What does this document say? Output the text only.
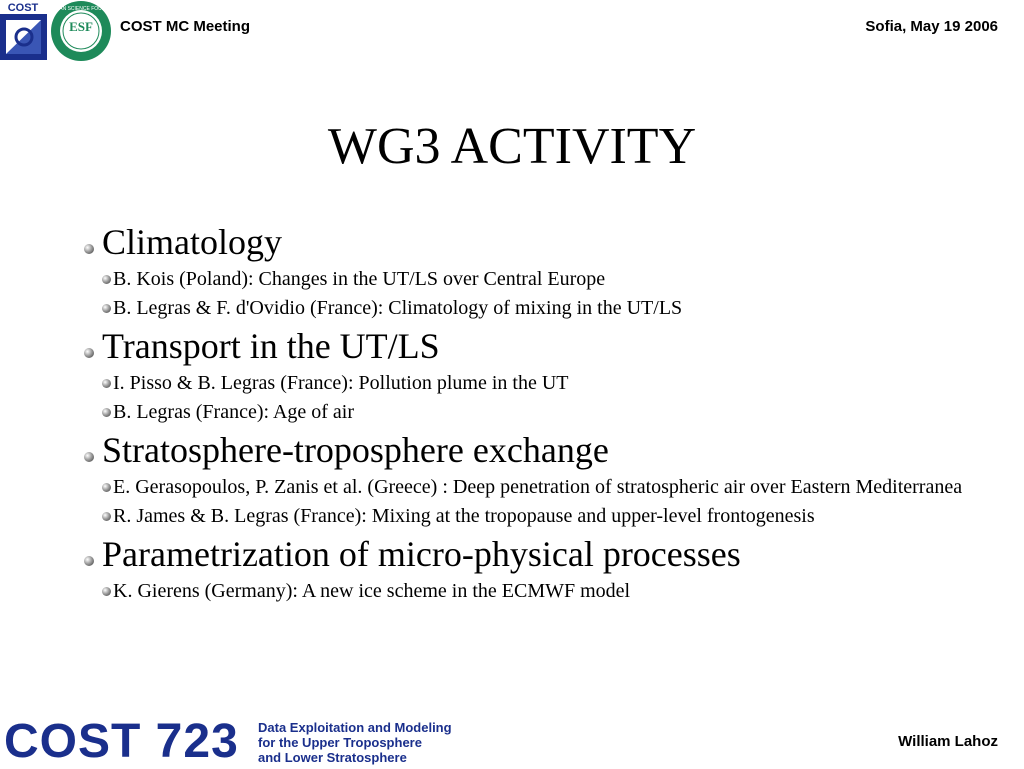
COST
ESF
EUROPEAN SCIENCE FOUNDATION
COST MC Meeting	Sofia, May 19 2006
WG3 ACTIVITY
Climatology
B. Kois (Poland): Changes in the UT/LS over Central Europe
B. Legras & F. d'Ovidio (France): Climatology of mixing in the UT/LS
Transport in the UT/LS
I. Pisso & B. Legras (France): Pollution plume in the UT
B. Legras (France): Age of air
Stratosphere-troposphere exchange
E. Gerasopoulos, P. Zanis et al. (Greece) : Deep penetration of stratospheric air over Eastern Mediterranea
R. James & B. Legras (France): Mixing at the tropopause and upper-level frontogenesis
Parametrization of micro-physical processes
K. Gierens (Germany): A new ice scheme in the ECMWF model
COST 723 Data Exploitation and Modeling
for the Upper Troposphere
and Lower Stratosphere
William Lahoz
